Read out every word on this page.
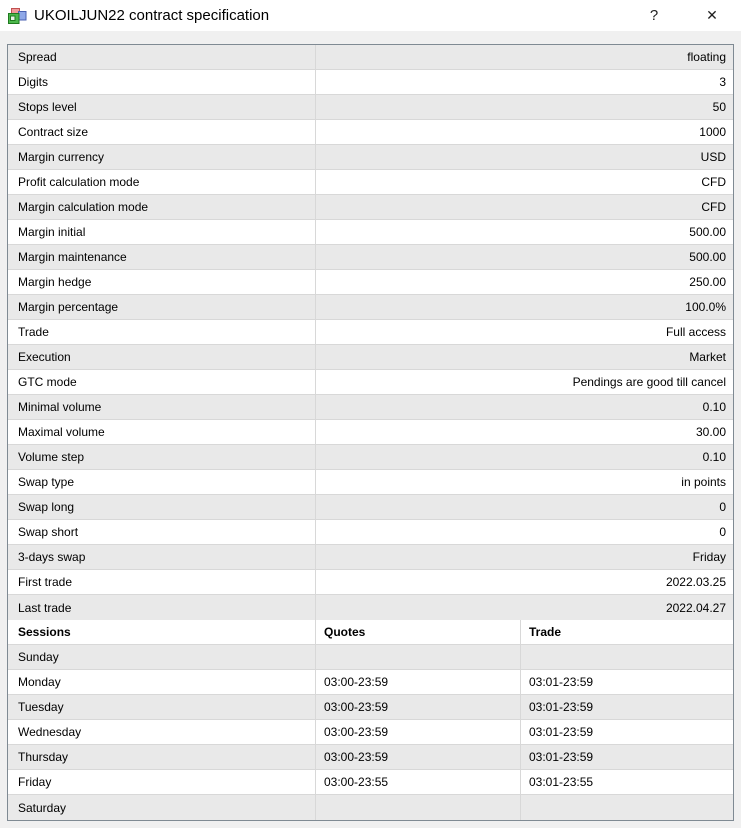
UKOILJUN22 contract specification	?	✕
Spread	floating
Digits	3
Stops level	50
Contract size	1000
Margin currency	USD
Profit calculation mode	CFD
Margin calculation mode	CFD
Margin initial	500.00
Margin maintenance	500.00
Margin hedge	250.00
Margin percentage	100.0%
Trade	Full access
Execution	Market
GTC mode	Pendings are good till cancel
Minimal volume	0.10
Maximal volume	30.00
Volume step	0.10
Swap type	in points
Swap long	0
Swap short	0
3-days swap	Friday
First trade	2022.03.25
Last trade	2022.04.27
Sessions	Quotes	Trade
Sunday
Monday	03:00-23:59	03:01-23:59
Tuesday	03:00-23:59	03:01-23:59
Wednesday	03:00-23:59	03:01-23:59
Thursday	03:00-23:59	03:01-23:59
Friday	03:00-23:55	03:01-23:55
Saturday
